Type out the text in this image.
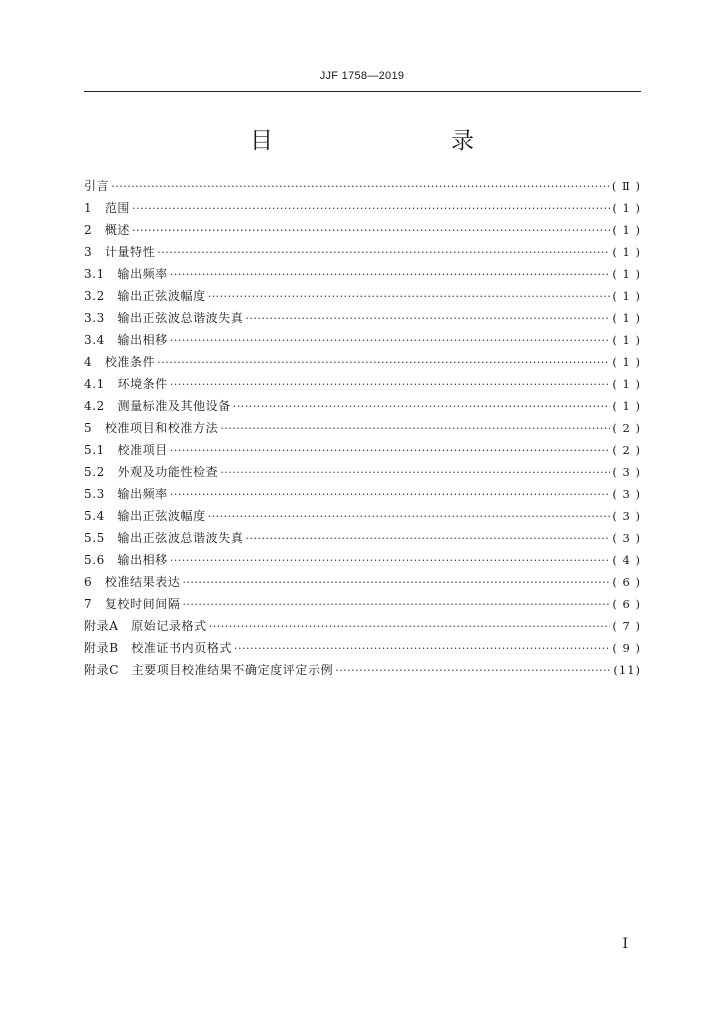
JJF 1758—2019
目　　录
引言 ·····	( Ⅱ )
1　范围 ·····	( 1 )
2　概述 ·····	( 1 )
3　计量特性 ·····	( 1 )
3.1　输出频率 ·····	( 1 )
3.2　输出正弦波幅度 ·····	( 1 )
3.3　输出正弦波总谐波失真 ·····	( 1 )
3.4　输出相移 ·····	( 1 )
4　校准条件 ·····	( 1 )
4.1　环境条件 ·····	( 1 )
4.2　测量标准及其他设备 ·····	( 1 )
5　校准项目和校准方法 ·····	( 2 )
5.1　校准项目 ·····	( 2 )
5.2　外观及功能性检查 ·····	( 3 )
5.3　输出频率 ·····	( 3 )
5.4　输出正弦波幅度 ·····	( 3 )
5.5　输出正弦波总谐波失真 ·····	( 3 )
5.6　输出相移 ·····	( 4 )
6　校准结果表达 ·····	( 6 )
7　复校时间间隔 ·····	( 6 )
附录A　原始记录格式 ·····	( 7 )
附录B　校准证书内页格式 ·····	( 9 )
附录C　主要项目校准结果不确定度评定示例 ·····	(11)
Ⅰ
